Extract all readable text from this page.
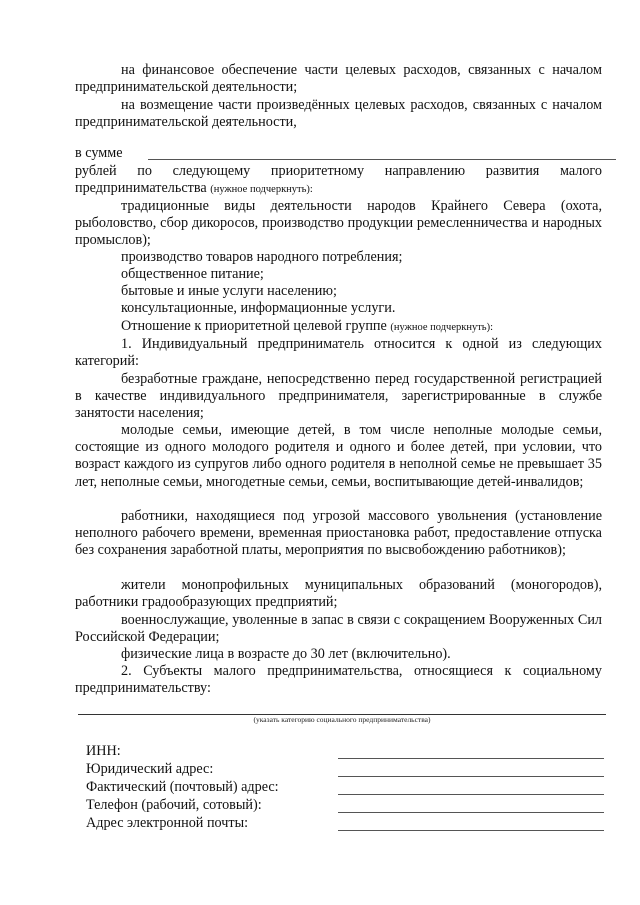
на финансовое обеспечение части целевых расходов, связанных с началом предпринимательской деятельности;

на возмещение части произведённых целевых расходов, связанных с началом предпринимательской деятельности,

в сумме

рублей по следующему приоритетному направлению развития малого предпринимательства (нужное подчеркнуть):

традиционные виды деятельности народов Крайнего Севера (охота, рыболовство, сбор дикоросов, производство продукции ремесленничества и народных промыслов);

производство товаров народного потребления;

общественное питание;

бытовые и иные услуги населению;

консультационные, информационные услуги.

Отношение к приоритетной целевой группе (нужное подчеркнуть):

1. Индивидуальный предприниматель относится к одной из следующих категорий:

безработные граждане, непосредственно перед государственной регистрацией в качестве индивидуального предпринимателя, зарегистрированные в службе занятости населения;

молодые семьи, имеющие детей, в том числе неполные молодые семьи, состоящие из одного молодого родителя и одного и более детей, при условии, что возраст каждого из супругов либо одного родителя в неполной семье не превышает 35 лет, неполные семьи, многодетные семьи, семьи, воспитывающие детей-инвалидов;

работники, находящиеся под угрозой массового увольнения (установление неполного рабочего времени, временная приостановка работ, предоставление отпуска без сохранения заработной платы, мероприятия по высвобождению работников);

жители монопрофильных муниципальных образований (моногородов), работники градообразующих предприятий;

военнослужащие, уволенные в запас в связи с сокращением Вооруженных Сил Российской Федерации;

физические лица в возрасте до 30 лет (включительно).

2. Субъекты малого предпринимательства, относящиеся к социальному предпринимательству:

(указать категорию социального предпринимательства)
ИНН:
Юридический адрес:
Фактический (почтовый) адрес:
Телефон (рабочий, сотовый):
Адрес электронной почты:
